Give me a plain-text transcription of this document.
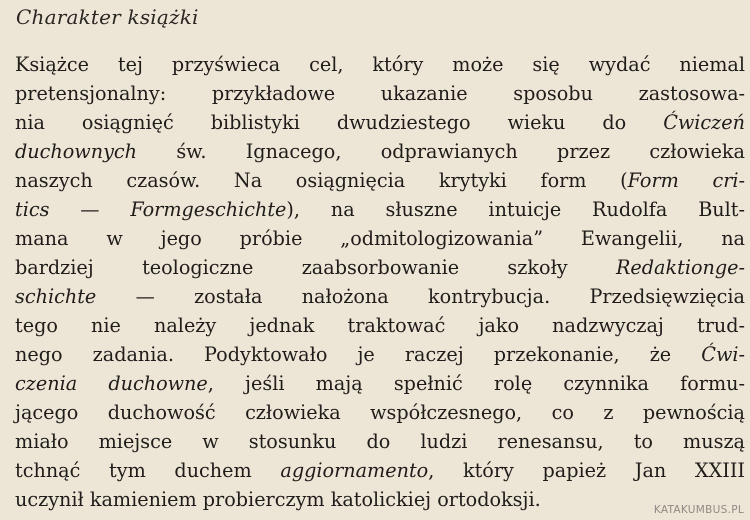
Charakter książki
Książce tej przyświeca cel, który może się wydać niemal
pretensjonalny: przykładowe ukazanie sposobu zastosowa-
nia osiągnięć biblistyki dwudziestego wieku do Ćwiczeń
duchownych św. Ignacego, odprawianych przez człowieka
naszych czasów. Na osiągnięcia krytyki form (Form cri-
tics — Formgeschichte), na słuszne intuicje Rudolfa Bult-
mana w jego próbie „odmitologizowania” Ewangelii, na
bardziej teologiczne zaabsorbowanie szkoły Redaktionge-
schichte — została nałożona kontrybucja. Przedsięwzięcia
tego nie należy jednak traktować jako nadzwyczaj trud-
nego zadania. Podyktowało je raczej przekonanie, że Ćwi-
czenia duchowne, jeśli mają spełnić rolę czynnika formu-
jącego duchowość człowieka współczesnego, co z pewnością
miało miejsce w stosunku do ludzi renesansu, to muszą
tchnąć tym duchem aggiornamento, który papież Jan XXIII
uczynił kamieniem probierczym katolickiej ortodoksji.	KATAKUMBUS.PL
